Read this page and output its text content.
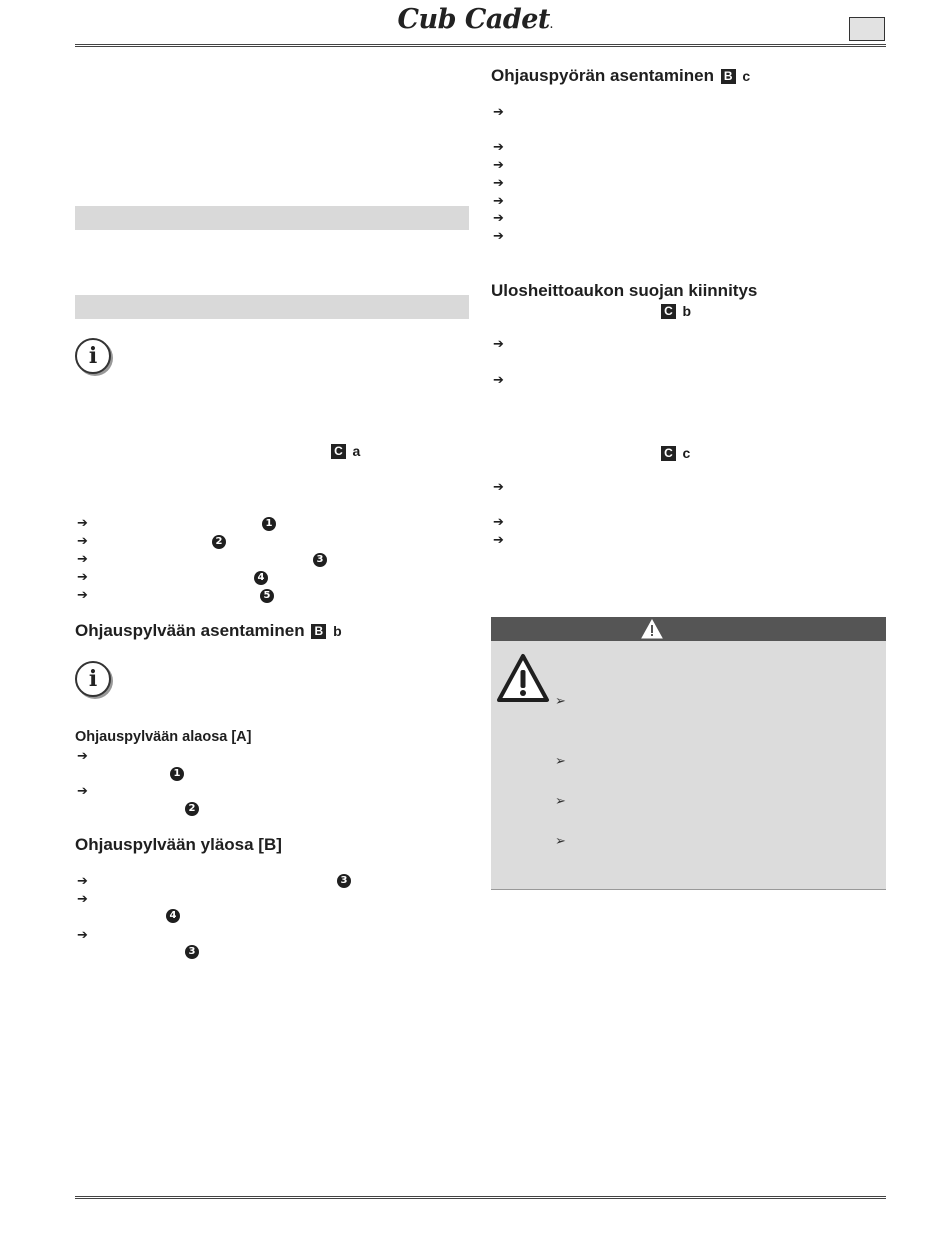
Cub Cadet.
i
C a
➔	1
➔	2
➔	3
➔	4
➔	5
Ohjauspylvään asentaminen B b
i
Ohjauspylvään alaosa [A]
➔
1
➔
2
Ohjauspylvään yläosa [B]
➔	3
➔
4
➔
3
Ohjauspyörän asentaminen B c
➔
➔
➔
➔
➔
➔
➔
Ulosheittoaukon suojan kiinnitys
C b
➔
➔
C c
➔
➔
➔
➢
➢
➢
➢
